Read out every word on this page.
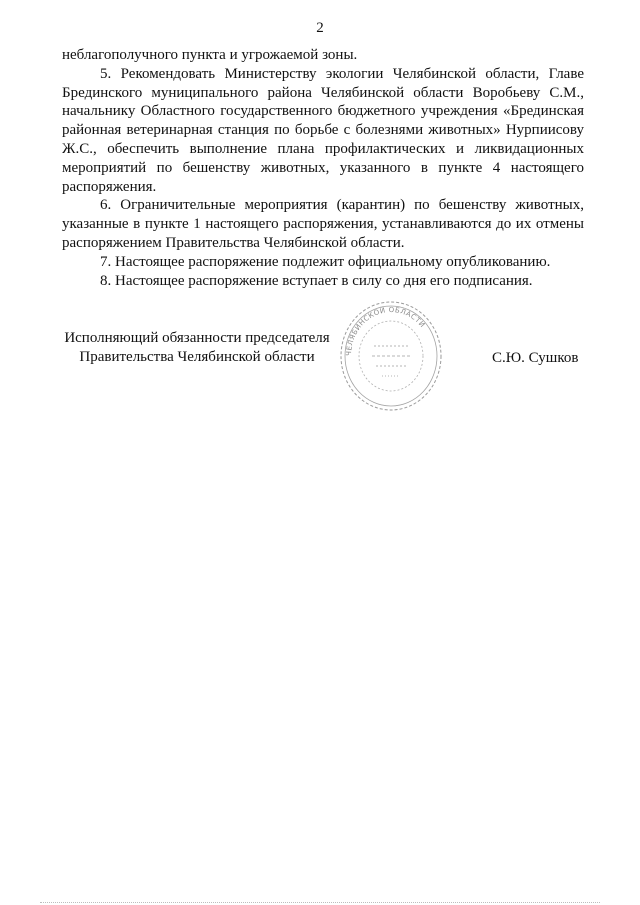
2

неблагополучного пункта и угрожаемой зоны.

5. Рекомендовать Министерству экологии Челябинской области, Главе Брединского муниципального района Челябинской области Воробьеву С.М., начальнику Областного государственного бюджетного учреждения «Брединская районная ветеринарная станция по борьбе с болезнями животных» Нурпиисову Ж.С., обеспечить выполнение плана профилактических и ликвидационных мероприятий по бешенству животных, указанного в пункте 4 настоящего распоряжения.

6. Ограничительные мероприятия (карантин) по бешенству животных, указанные в пункте 1 настоящего распоряжения, устанавливаются до их отмены распоряжением Правительства Челябинской области.

7. Настоящее распоряжение подлежит официальному опубликованию.

8. Настоящее распоряжение вступает в силу со дня его подписания.

Исполняющий обязанности председателя
Правительства Челябинской области	ЧЕЛЯБИНСКОЙ ОБЛАСТИ
С.Ю. Сушков
